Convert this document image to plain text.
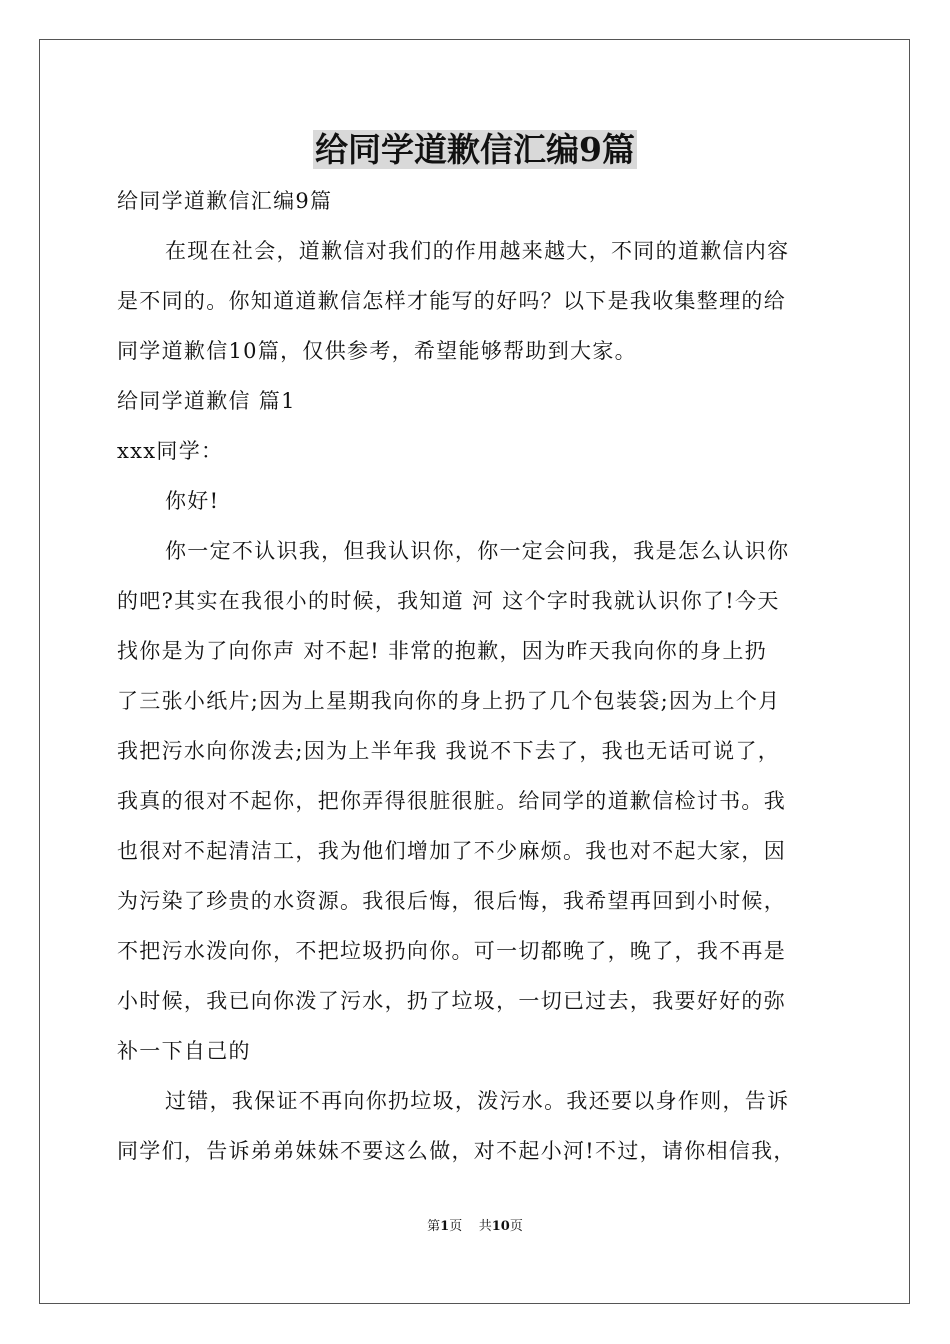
给同学道歉信汇编9篇
给同学道歉信汇编9篇
在现在社会，道歉信对我们的作用越来越大，不同的道歉信内容
是不同的。你知道道歉信怎样才能写的好吗？以下是我收集整理的给
同学道歉信10篇，仅供参考，希望能够帮助到大家。
给同学道歉信 篇1
xxx同学：
你好!
你一定不认识我，但我认识你，你一定会问我，我是怎么认识你
的吧?其实在我很小的时候，我知道 河 这个字时我就认识你了!今天
找你是为了向你声 对不起! 非常的抱歉，因为昨天我向你的身上扔
了三张小纸片;因为上星期我向你的身上扔了几个包装袋;因为上个月
我把污水向你泼去;因为上半年我 我说不下去了，我也无话可说了，
我真的很对不起你，把你弄得很脏很脏。给同学的道歉信检讨书。我
也很对不起清洁工，我为他们增加了不少麻烦。我也对不起大家，因
为污染了珍贵的水资源。我很后悔，很后悔，我希望再回到小时候，
不把污水泼向你，不把垃圾扔向你。可一切都晚了，晚了，我不再是
小时候，我已向你泼了污水，扔了垃圾，一切已过去，我要好好的弥
补一下自己的
过错，我保证不再向你扔垃圾，泼污水。我还要以身作则，告诉
同学们，告诉弟弟妹妹不要这么做，对不起小河!不过，请你相信我，
第1页    共10页
